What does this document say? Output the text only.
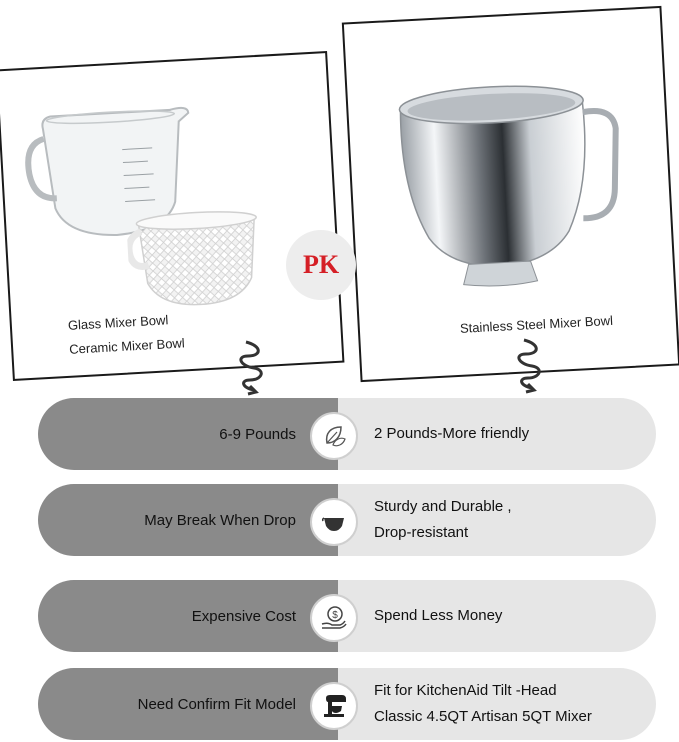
Glass Mixer Bowl
Ceramic Mixer Bowl
Stainless Steel Mixer Bowl
PK
6-9 Pounds	2 Pounds-More friendly
May Break When Drop
Sturdy and Durable ,
Drop-resistant
Expensive Cost	Spend Less Money
$
Need Confirm Fit Model
Fit for KitchenAid Tilt -Head
Classic 4.5QT Artisan 5QT Mixer
